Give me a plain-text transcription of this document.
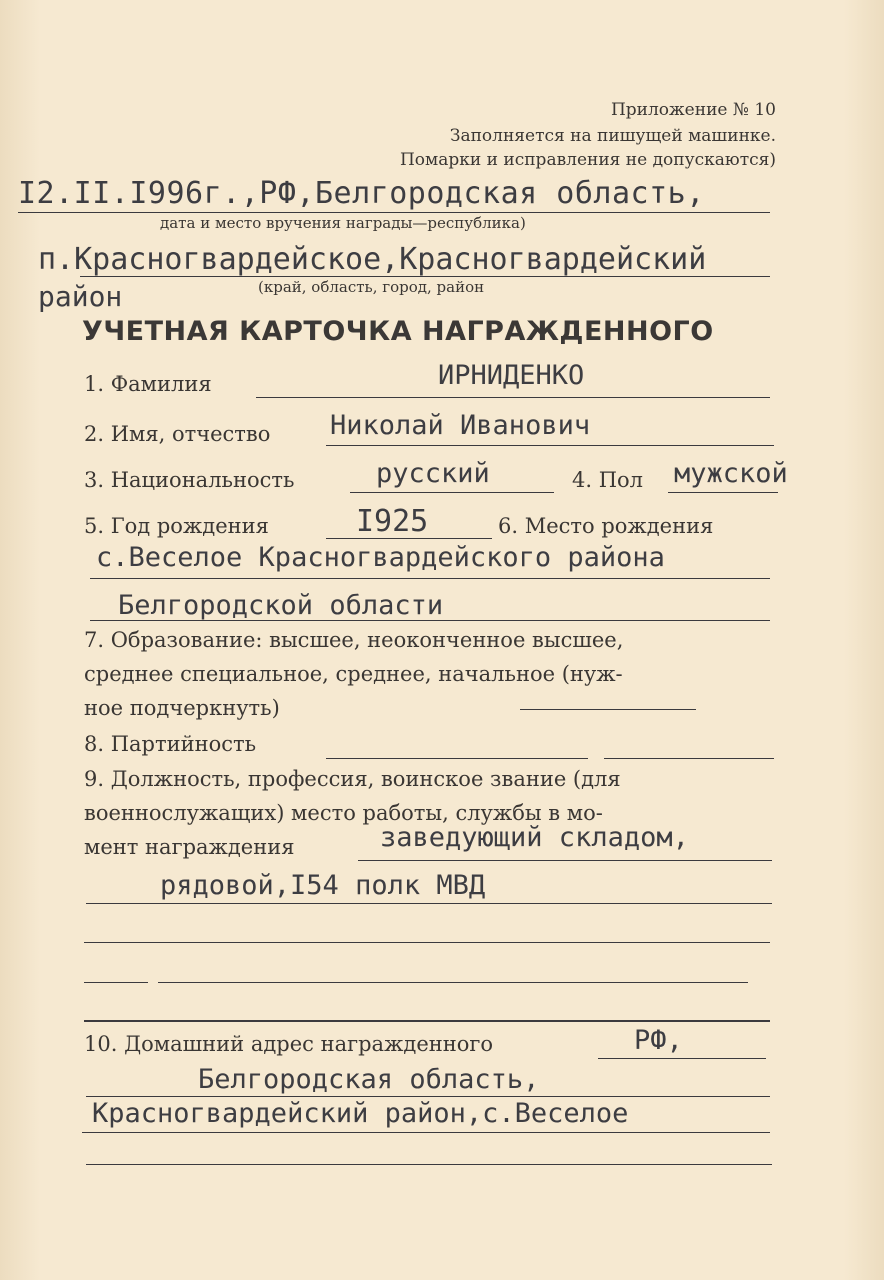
Приложение № 10
Заполняется на пишущей машинке.
Помарки и исправления не допускаются)
I2.II.I996г.,РФ,Белгородская область,
дата и место вручения награды—республика)
п.Красногвардейское,Красногвардейский
район	(край, область, город, район
УЧЕТНАЯ КАРТОЧКА НАГРАЖДЕННОГО
1. Фамилия	ИРНИДЕНКО
2. Имя, отчество Николай Иванович
3. Национальность	русский	4. Пол мужской
5. Год рождения	I925	6. Место рождения
с.Веселое Красногвардейского района
Белгородской области
7. Образование: высшее, неоконченное высшее,
среднее специальное, среднее, начальное (нуж-
ное подчеркнуть)
8. Партийность
9. Должность, профессия, воинское звание (для
военнослужащих) место работы, службы в мо-
мент награждения	заведующий складом,
рядовой,I54 полк МВД
10. Домашний адрес награжденного	РФ,
Белгородская область,
Красногвардейский район,с.Веселое
